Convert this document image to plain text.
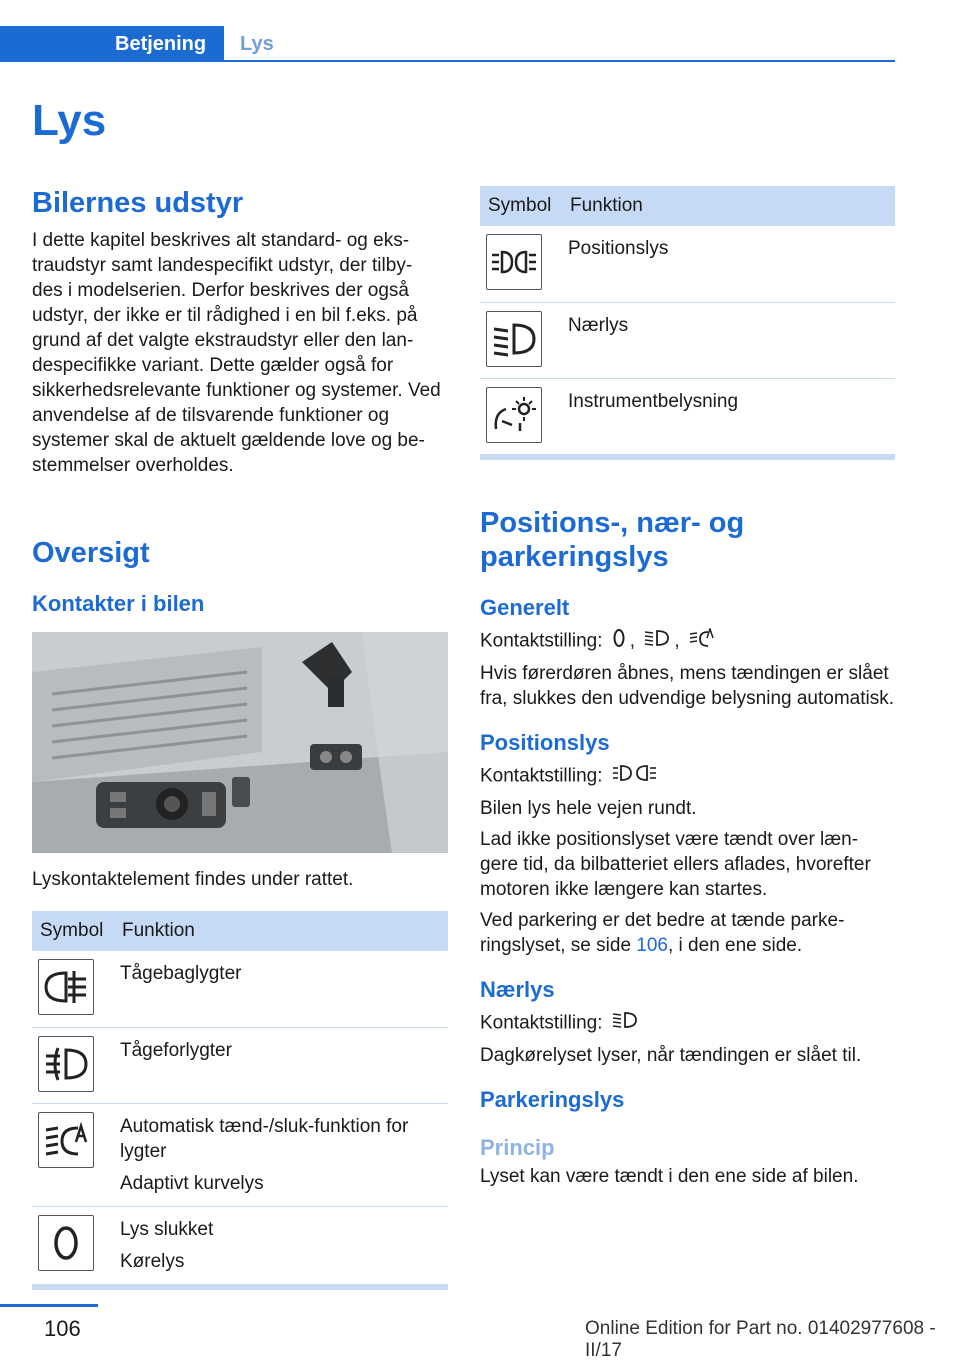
Betjening	Lys
Lys
Bilernes udstyr
I dette kapitel beskrives alt standard- og eks- traudstyr samt landespecifikt udstyr, der tilby- des i modelserien. Derfor beskrives der også udstyr, der ikke er til rådighed i en bil f.eks. på grund af det valgte ekstraudstyr eller den lan- despecifikke variant. Dette gælder også for sikkerhedsrelevante funktioner og systemer. Ved anvendelse af de tilsvarende funktioner og systemer skal de aktuelt gældende love og be- stemmelser overholdes.
Oversigt
Kontakter i bilen
Lyskontaktelement findes under rattet.
Symbol	Funktion

Tågebaglygter

Tågeforlygter

Automatisk tænd-/sluk-funktion for lygter
Adaptivt kurvelys

Lys slukket
Kørelys
Symbol	Funktion

Positionslys

Nærlys

Instrumentbelysning
Positions-, nær- og parkeringslys
Generelt
Kontaktstilling: , ,
Hvis førerdøren åbnes, mens tændingen er slået fra, slukkes den udvendige belysning automatisk.
Positionslys
Kontaktstilling:
Bilen lys hele vejen rundt.
Lad ikke positionslyset være tændt over læn- gere tid, da bilbatteriet ellers aflades, hvorefter motoren ikke længere kan startes.
Ved parkering er det bedre at tænde parke- ringslyset, se side 106, i den ene side.
Nærlys
Kontaktstilling:
Dagkørelyset lyser, når tændingen er slået til.
Parkeringslys
Princip
Lyset kan være tændt i den ene side af bilen.
106	Online Edition for Part no. 01402977608 - II/17
